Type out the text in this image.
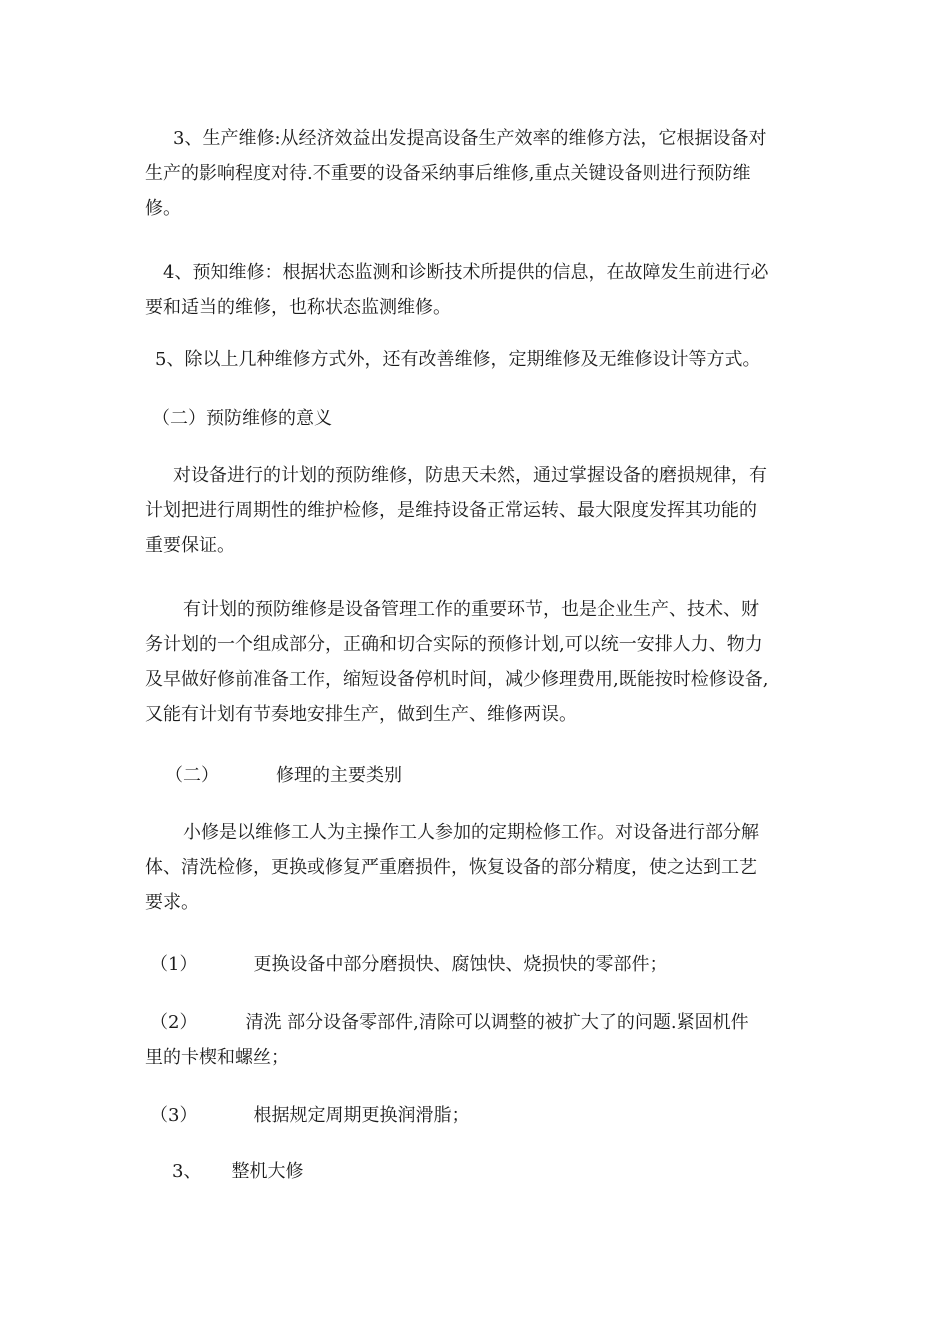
3、生产维修:从经济效益出发提高设备生产效率的维修方法，它根据设备对
生产的影响程度对待.不重要的设备采纳事后维修,重点关键设备则进行预防维
修。
4、预知维修：根据状态监测和诊断技术所提供的信息，在故障发生前进行必
要和适当的维修，也称状态监测维修。

5、除以上几种维修方式外，还有改善维修，定期维修及无维修设计等方式。

（二）预防维修的意义

对设备进行的计划的预防维修，防患天未然，通过掌握设备的磨损规律，有
计划把进行周期性的维护检修，是维持设备正常运转、最大限度发挥其功能的
重要保证。
有计划的预防维修是设备管理工作的重要环节，也是企业生产、技术、财
务计划的一个组成部分，正确和切合实际的预修计划,可以统一安排人力、物力
及早做好修前准备工作，缩短设备停机时间，减少修理费用,既能按时检修设备,
又能有计划有节奏地安排生产，做到生产、维修两误。

（二）	修理的主要类别

小修是以维修工人为主操作工人参加的定期检修工作。对设备进行部分解
体、清洗检修，更换或修复严重磨损件，恢复设备的部分精度，使之达到工艺
要求。

（1）	更换设备中部分磨损快、腐蚀快、烧损快的零部件；

（2）	清洗 部分设备零部件,清除可以调整的被扩大了的问题.紧固机件
里的卡楔和螺丝；

（3）	根据规定周期更换润滑脂；

3、 整机大修
